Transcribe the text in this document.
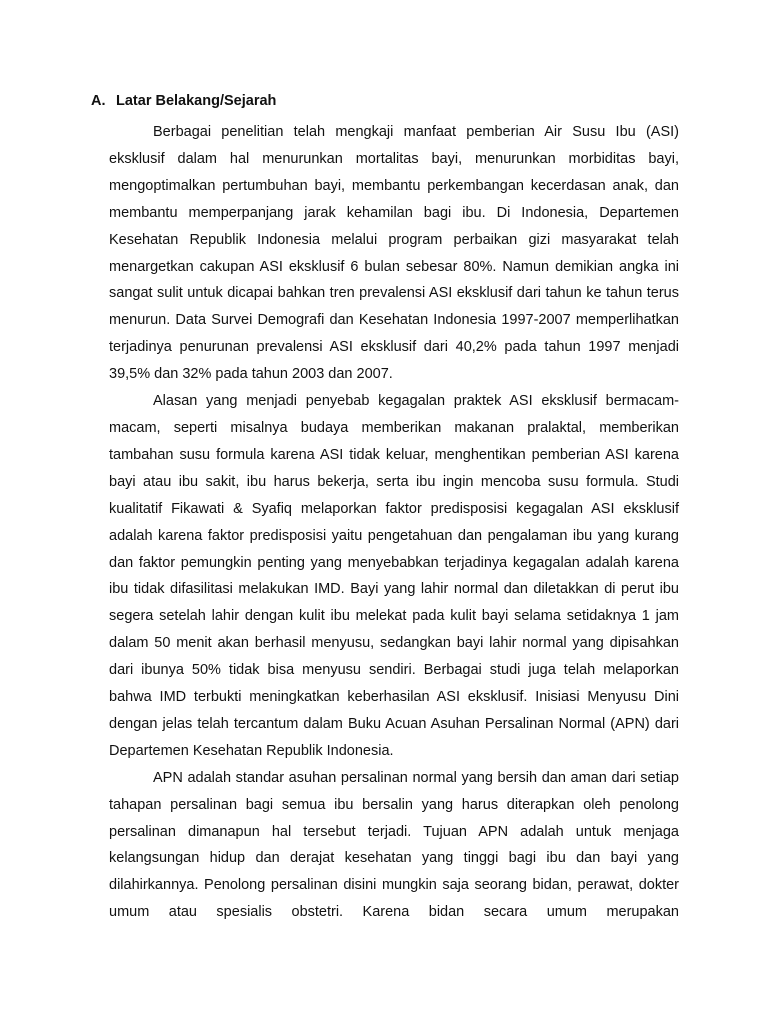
A. Latar Belakang/Sejarah

Berbagai penelitian telah mengkaji manfaat pemberian Air Susu Ibu (ASI) eksklusif dalam hal menurunkan mortalitas bayi, menurunkan morbiditas bayi, mengoptimalkan pertumbuhan bayi, membantu perkembangan kecerdasan anak, dan membantu memperpanjang jarak kehamilan bagi ibu. Di Indonesia, Departemen Kesehatan Republik Indonesia melalui program perbaikan gizi masyarakat telah menargetkan cakupan ASI eksklusif 6 bulan sebesar 80%. Namun demikian angka ini sangat sulit untuk dicapai bahkan tren prevalensi ASI eksklusif dari tahun ke tahun terus menurun. Data Survei Demografi dan Kesehatan Indonesia 1997-2007 memperlihatkan terjadinya penurunan prevalensi ASI eksklusif dari 40,2% pada tahun 1997 menjadi 39,5% dan 32% pada tahun 2003 dan 2007.

Alasan yang menjadi penyebab kegagalan praktek ASI eksklusif bermacam-macam, seperti misalnya budaya memberikan makanan pralaktal, memberikan tambahan susu formula karena ASI tidak keluar, menghentikan pemberian ASI karena bayi atau ibu sakit, ibu harus bekerja, serta ibu ingin mencoba susu formula. Studi kualitatif Fikawati & Syafiq melaporkan faktor predisposisi kegagalan ASI eksklusif adalah karena faktor predisposisi yaitu pengetahuan dan pengalaman ibu yang kurang dan faktor pemungkin penting yang menyebabkan terjadinya kegagalan adalah karena ibu tidak difasilitasi melakukan IMD. Bayi yang lahir normal dan diletakkan di perut ibu segera setelah lahir dengan kulit ibu melekat pada kulit bayi selama setidaknya 1 jam dalam 50 menit akan berhasil menyusu, sedangkan bayi lahir normal yang dipisahkan dari ibunya 50% tidak bisa menyusu sendiri. Berbagai studi juga telah melaporkan bahwa IMD terbukti meningkatkan keberhasilan ASI eksklusif. Inisiasi Menyusu Dini dengan jelas telah tercantum dalam Buku Acuan Asuhan Persalinan Normal (APN) dari Departemen Kesehatan Republik Indonesia.

APN adalah standar asuhan persalinan normal yang bersih dan aman dari setiap tahapan persalinan bagi semua ibu bersalin yang harus diterapkan oleh penolong persalinan dimanapun hal tersebut terjadi. Tujuan APN adalah untuk menjaga kelangsungan hidup dan derajat kesehatan yang tinggi bagi ibu dan bayi yang dilahirkannya. Penolong persalinan disini mungkin saja seorang bidan, perawat, dokter umum atau spesialis obstetri. Karena bidan secara umum merupakan
